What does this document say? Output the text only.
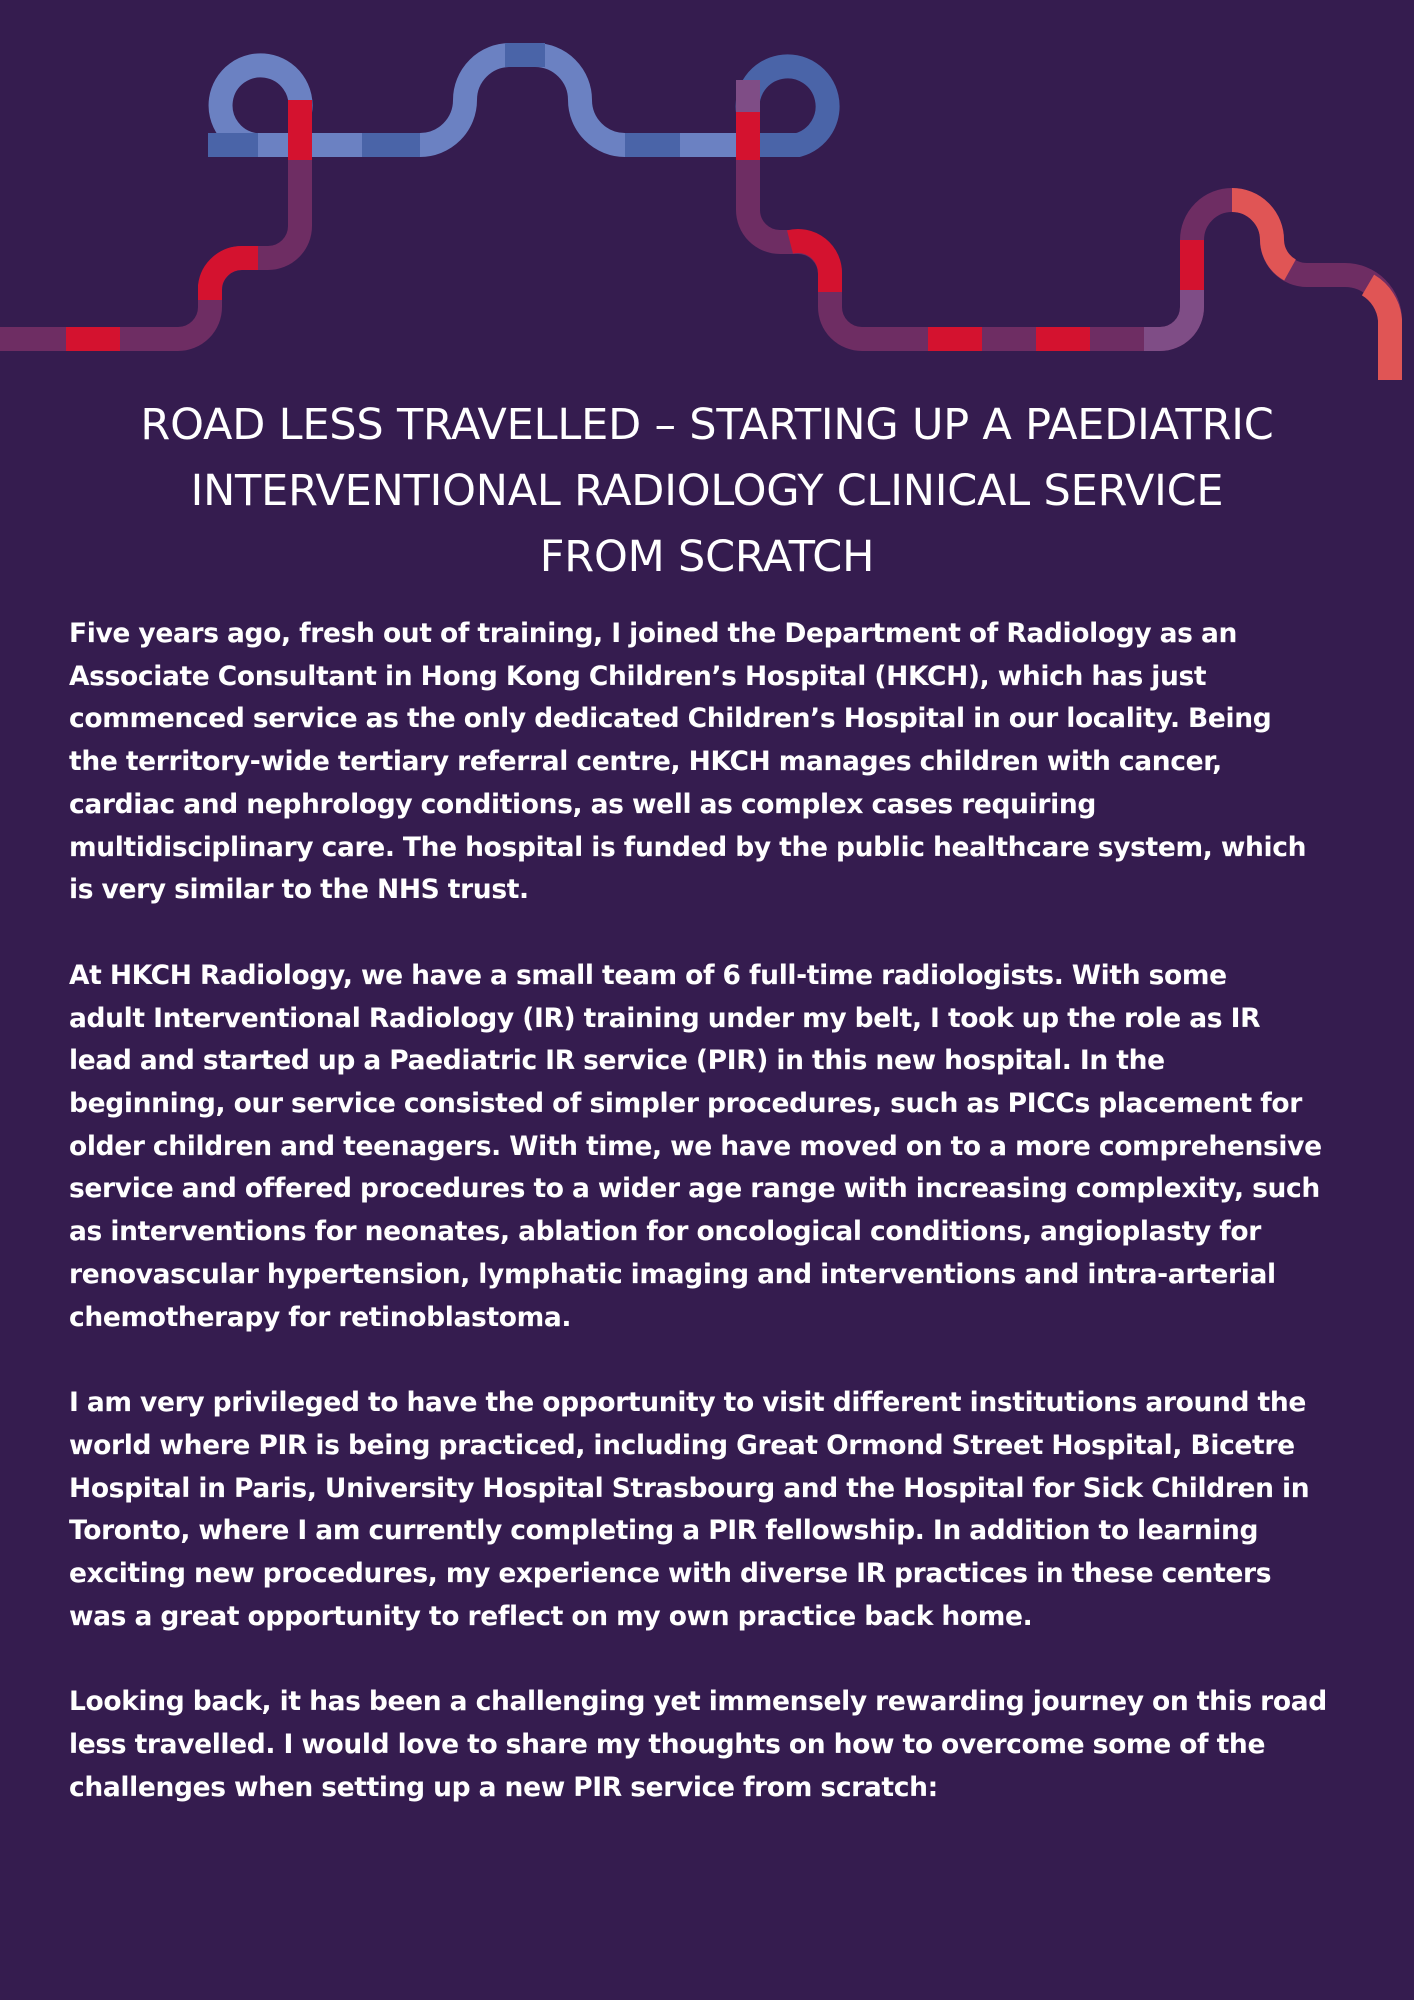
ROAD LESS TRAVELLED – STARTING UP A PAEDIATRIC
INTERVENTIONAL RADIOLOGY CLINICAL SERVICE
FROM SCRATCH

Five years ago, fresh out of training, I joined the Department of Radiology as an
Associate Consultant in Hong Kong Children’s Hospital (HKCH), which has just
commenced service as the only dedicated Children’s Hospital in our locality. Being
the territory-wide tertiary referral centre, HKCH manages children with cancer,
cardiac and nephrology conditions, as well as complex cases requiring
multidisciplinary care. The hospital is funded by the public healthcare system, which
is very similar to the NHS trust.

At HKCH Radiology, we have a small team of 6 full-time radiologists. With some
adult Interventional Radiology (IR) training under my belt, I took up the role as IR
lead and started up a Paediatric IR service (PIR) in this new hospital. In the
beginning, our service consisted of simpler procedures, such as PICCs placement for
older children and teenagers. With time, we have moved on to a more comprehensive
service and offered procedures to a wider age range with increasing complexity, such
as interventions for neonates, ablation for oncological conditions, angioplasty for
renovascular hypertension, lymphatic imaging and interventions and intra-arterial
chemotherapy for retinoblastoma.

I am very privileged to have the opportunity to visit different institutions around the
world where PIR is being practiced, including Great Ormond Street Hospital, Bicetre
Hospital in Paris, University Hospital Strasbourg and the Hospital for Sick Children in
Toronto, where I am currently completing a PIR fellowship. In addition to learning
exciting new procedures, my experience with diverse IR practices in these centers
was a great opportunity to reflect on my own practice back home.

Looking back, it has been a challenging yet immensely rewarding journey on this road
less travelled. I would love to share my thoughts on how to overcome some of the
challenges when setting up a new PIR service from scratch:
